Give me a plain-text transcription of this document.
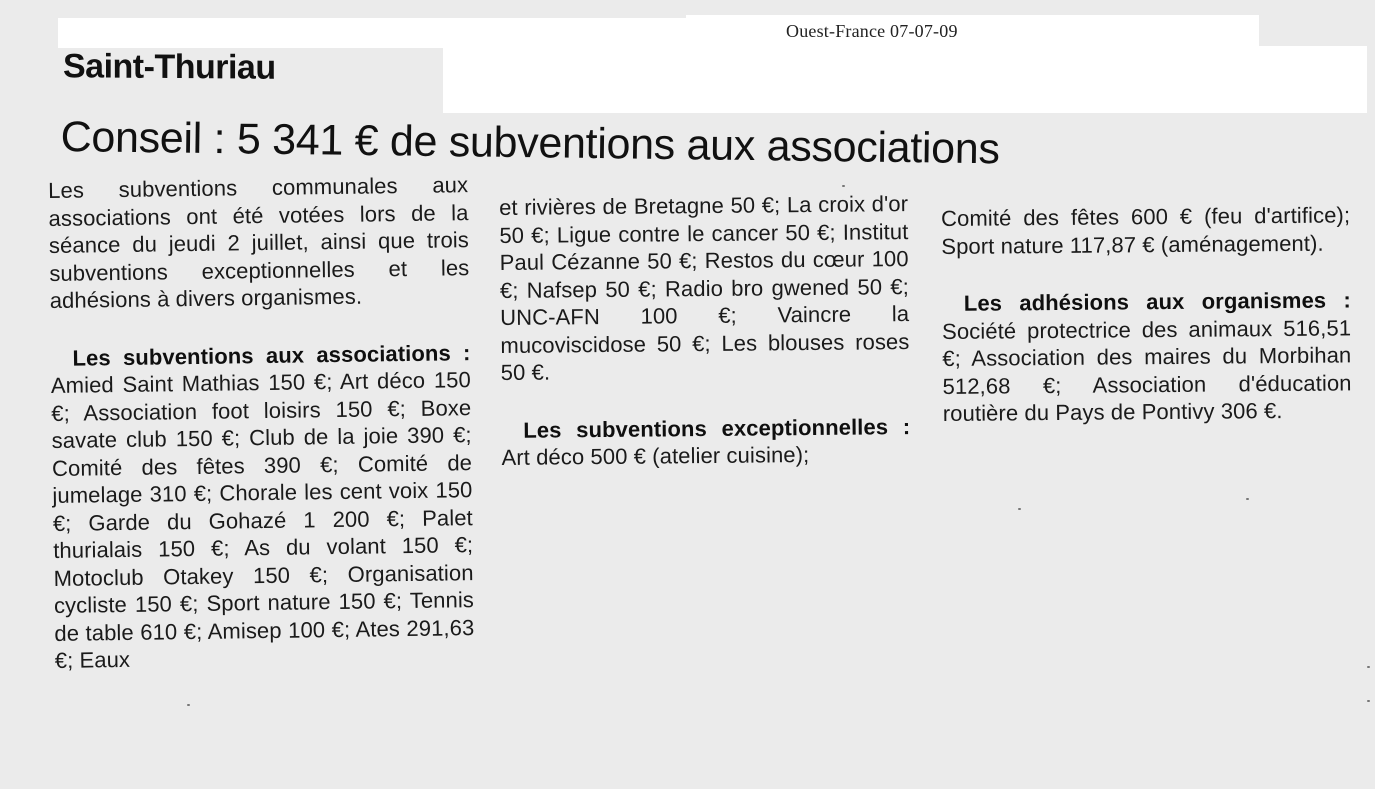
Ouest-France 07-07-09
Saint-Thuriau
Conseil : 5 341 € de subventions aux associations

Les subventions communales aux associations ont été votées lors de la séance du jeudi 2 juillet, ainsi que trois subventions exceptionnelles et les adhésions à divers organismes.

Les subventions aux associations : Amied Saint Mathias 150 €; Art déco 150 €; Association foot loisirs 150 €; Boxe savate club 150 €; Club de la joie 390 €; Comité des fêtes 390 €; Comité de jumelage 310 €; Chorale les cent voix 150 €; Garde du Gohazé 1 200 €; Palet thurialais 150 €; As du volant 150 €; Motoclub Otakey 150 €; Organisation cycliste 150 €; Sport nature 150 €; Tennis de table 610 €; Amisep 100 €; Ates 291,63 €; Eaux

et rivières de Bretagne 50 €; La croix d'or 50 €; Ligue contre le cancer 50 €; Institut Paul Cézanne 50 €; Restos du cœur 100 €; Nafsep 50 €; Radio bro gwened 50 €; UNC-AFN 100 €; Vaincre la mucoviscidose 50 €; Les blouses roses 50 €.

Les subventions exceptionnelles : Art déco 500 € (atelier cuisine);

Comité des fêtes 600 € (feu d'artifice); Sport nature 117,87 € (aménagement).

Les adhésions aux organismes : Société protectrice des animaux 516,51 €; Association des maires du Morbihan 512,68 €; Association d'éducation routière du Pays de Pontivy 306 €.
